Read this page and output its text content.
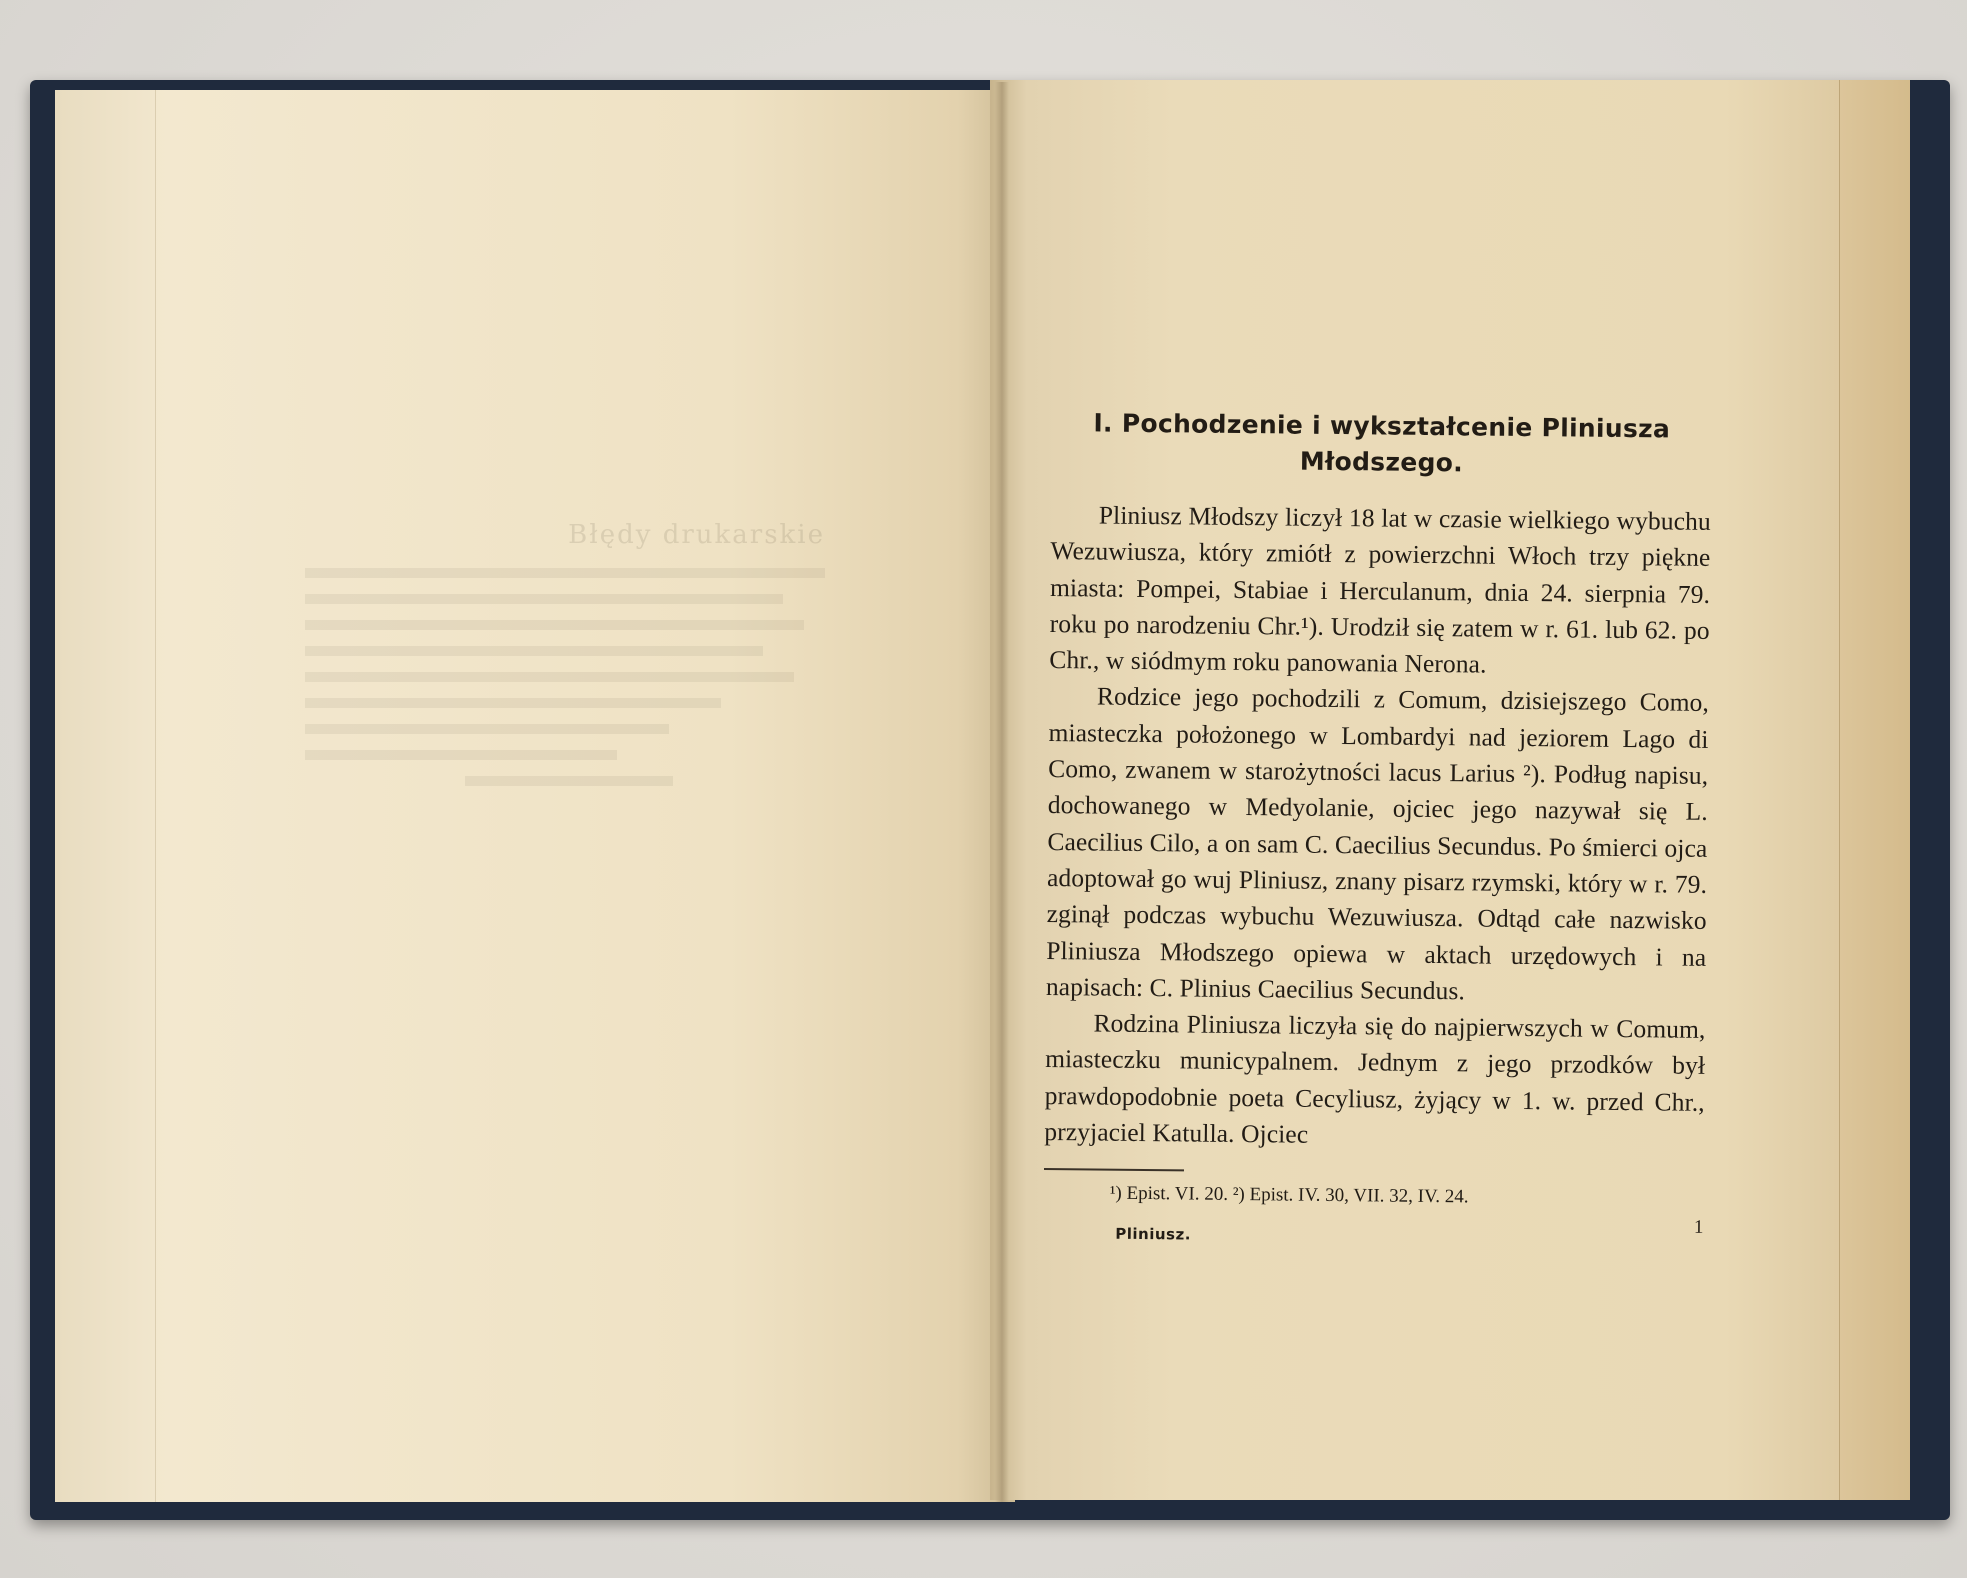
Błędy drukarskie
I. Pochodzenie i wykształcenie Pliniusza Młodszego.

Pliniusz Młodszy liczył 18 lat w czasie wielkiego wybuchu Wezuwiusza, który zmiótł z powierzchni Włoch trzy piękne miasta: Pompei, Stabiae i Herculanum, dnia 24. sierpnia 79. roku po narodzeniu Chr.¹). Urodził się zatem w r. 61. lub 62. po Chr., w siódmym roku panowania Nerona.

Rodzice jego pochodzili z Comum, dzisiejszego Como, miasteczka położonego w Lombardyi nad jeziorem Lago di Como, zwanem w starożytności lacus Larius ²). Podług napisu, dochowanego w Medyolanie, ojciec jego nazywał się L. Caecilius Cilo, a on sam C. Caecilius Secundus. Po śmierci ojca adoptował go wuj Pliniusz, znany pisarz rzymski, który w r. 79. zginął podczas wybuchu Wezuwiusza. Odtąd całe nazwisko Pliniusza Młodszego opiewa w aktach urzędowych i na napisach: C. Plinius Caecilius Secundus.

Rodzina Pliniusza liczyła się do najpierwszych w Comum, miasteczku municypalnem. Jednym z jego przodków był prawdopodobnie poeta Cecyliusz, żyjący w 1. w. przed Chr., przyjaciel Katulla. Ojciec

¹) Epist. VI. 20. ²) Epist. IV. 30, VII. 32, IV. 24.
Pliniusz.	1
